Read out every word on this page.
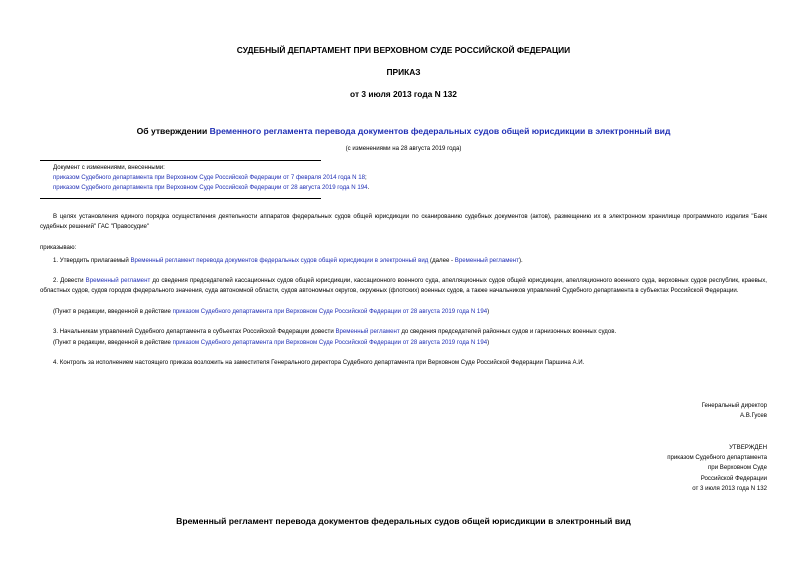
СУДЕБНЫЙ ДЕПАРТАМЕНТ ПРИ ВЕРХОВНОМ СУДЕ РОССИЙСКОЙ ФЕДЕРАЦИИ
ПРИКАЗ
от 3 июля 2013 года N 132
Об утверждении Временного регламента перевода документов федеральных судов общей юрисдикции в электронный вид
(с изменениями на 28 августа 2019 года)
Документ с изменениями, внесенными:
приказом Судебного департамента при Верховном Суде Российской Федерации от 7 февраля 2014 года N 18;
приказом Судебного департамента при Верховном Суде Российской Федерации от 28 августа 2019 года N 194.
В целях установления единого порядка осуществления деятельности аппаратов федеральных судов общей юрисдикции по сканированию судебных документов (актов), размещению их в электронном хранилище программного изделия "Банк судебных решений" ГАС "Правосудие"
приказываю:
1. Утвердить прилагаемый Временный регламент перевода документов федеральных судов общей юрисдикции в электронный вид (далее - Временный регламент).
2. Довести Временный регламент до сведения председателей кассационных судов общей юрисдикции, кассационного военного суда, апелляционных судов общей юрисдикции, апелляционного военного суда, верховных судов республик, краевых, областных судов, судов городов федерального значения, суда автономной области, судов автономных округов, окружных (флотских) военных судов, а также начальников управлений Судебного департамента в субъектах Российской Федерации.
(Пункт в редакции, введенной в действие приказом Судебного департамента при Верховном Суде Российской Федерации от 28 августа 2019 года N 194)
3. Начальникам управлений Судебного департамента в субъектах Российской Федерации довести Временный регламент до сведения председателей районных судов и гарнизонных военных судов.
(Пункт в редакции, введенной в действие приказом Судебного департамента при Верховном Суде Российской Федерации от 28 августа 2019 года N 194)
4. Контроль за исполнением настоящего приказа возложить на заместителя Генерального директора Судебного департамента при Верховном Суде Российской Федерации Паршина А.И.
Генеральный директор
А.В.Гусев
УТВЕРЖДЕН
приказом Судебного департамента
при Верховном Суде
Российской Федерации
от 3 июля 2013 года N 132
Временный регламент перевода документов федеральных судов общей юрисдикции в электронный вид
